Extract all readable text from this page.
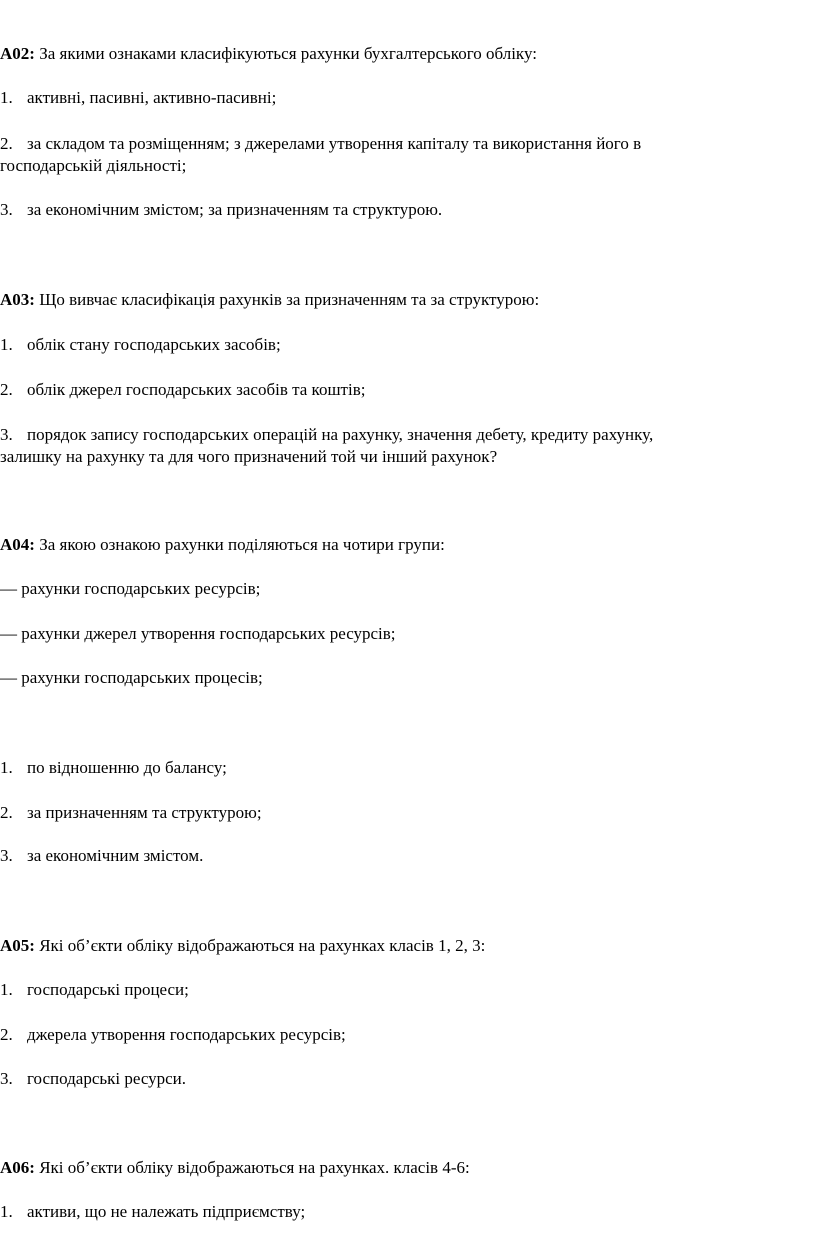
A02: За якими ознаками класифікуються рахунки бухгалтерського обліку:

1. активні, пасивні, активно-пасивні;

2. за складом та розміщенням; з джерелами утворення капіталу та використання його в

господарській діяльності;

3. за економічним змістом; за призначенням та структурою.

A03: Що вивчає класифікація рахунків за призначенням та за структурою:

1. облік стану господарських засобів;

2. облік джерел господарських засобів та коштів;

3. порядок запису господарських операцій на рахунку, значення дебету, кредиту рахунку,

залишку на рахунку та для чого призначений той чи інший рахунок?

A04: За якою ознакою рахунки поділяються на чотири групи:

— рахунки господарських ресурсів;

— рахунки джерел утворення господарських ресурсів;

— рахунки господарських процесів;

1. по відношенню до балансу;

2. за призначенням та структурою;

3. за економічним змістом.

A05: Які об’єкти обліку відображаються на рахунках класів 1, 2, 3:

1. господарські процеси;

2. джерела утворення господарських ресурсів;

3. господарські ресурси.

A06: Які об’єкти обліку відображаються на рахунках. класів 4-6:

1. активи, що не належать підприємству;
